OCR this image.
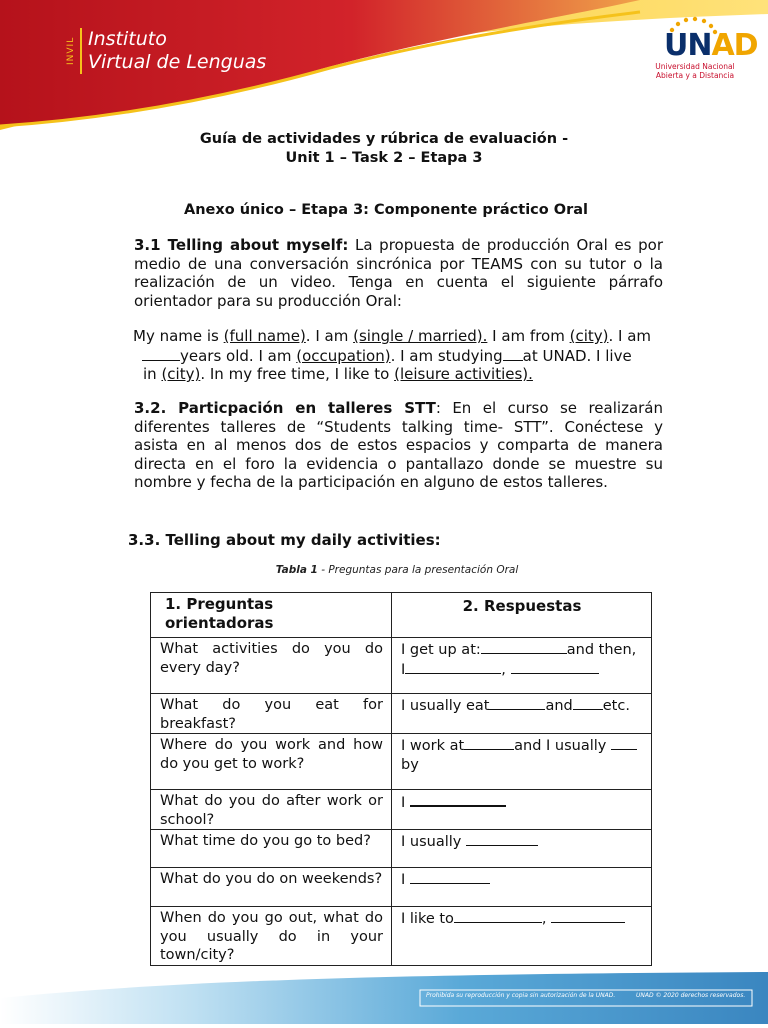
INVIL Instituto
Virtual de Lenguas	UNAD
Universidad Nacional
Abierta y a Distancia
Guía de actividades y rúbrica de evaluación -
Unit 1 – Task 2 – Etapa 3
Anexo único – Etapa 3: Componente práctico Oral
3.1 Telling about myself: La propuesta de producción Oral es por medio de una conversación sincrónica por TEAMS con su tutor o la realización de un video. Tenga en cuenta el siguiente párrafo orientador para su producción Oral:
My name is (full name). I am (single / married). I am from (city). I am
years old. I am (occupation). I am studying at UNAD. I live
in (city). In my free time, I like to (leisure activities).
3.2. Particpación en talleres STT: En el curso se realizarán diferentes talleres de “Students talking time- STT”. Conéctese y asista en al menos dos de estos espacios y comparta de manera directa en el foro la evidencia o pantallazo donde se muestre su nombre y fecha de la participación en alguno de estos talleres.
3.3. Telling about my daily activities:
Tabla 1 - Preguntas para la presentación Oral
1. Preguntas orientadoras	2. Respuestas
What activities do you do every day?	I get up at: and then,
I ,

What do you eat for breakfast?	I usually eat and etc.
Where do you work and how do you get to work?	I work at and I usually
by

What do you do after work or school?	I
What time do you go to bed?	I usually
What do you do on weekends?	I
When do you go out, what do you usually do in your town/city?	I like to ,
Prohibida su reproducción y copia sin autorización de la UNAD.	UNAD © 2020 derechos reservados.
